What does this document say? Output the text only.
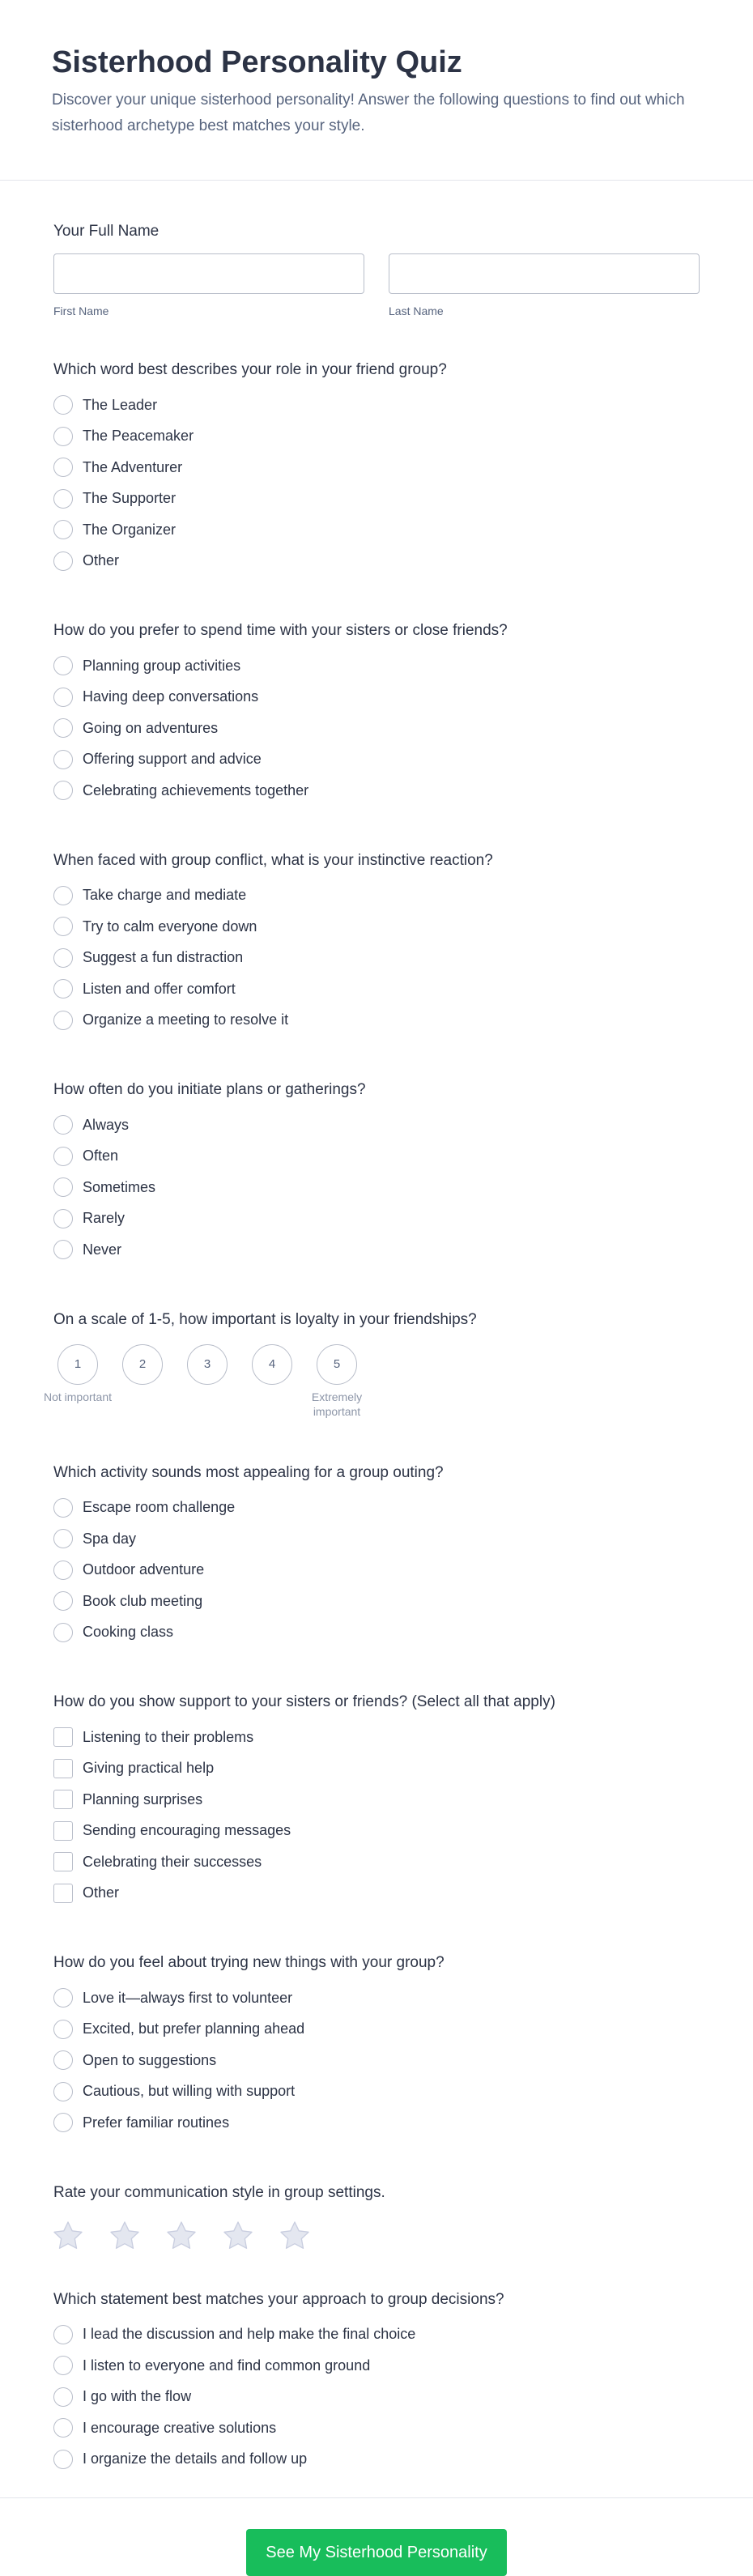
Sisterhood Personality Quiz

Discover your unique sisterhood personality! Answer the following questions to find out which sisterhood archetype best matches your style.

Your Full Name
First Name	Last Name
Which word best describes your role in your friend group?
The Leader
The Peacemaker
The Adventurer
The Supporter
The Organizer
Other
How do you prefer to spend time with your sisters or close friends?
Planning group activities
Having deep conversations
Going on adventures
Offering support and advice
Celebrating achievements together
When faced with group conflict, what is your instinctive reaction?
Take charge and mediate
Try to calm everyone down
Suggest a fun distraction
Listen and offer comfort
Organize a meeting to resolve it
How often do you initiate plans or gatherings?
Always
Often
Sometimes
Rarely
Never
On a scale of 1-5, how important is loyalty in your friendships?
1
Not important
2	3	4	5
Extremely important
Which activity sounds most appealing for a group outing?
Escape room challenge
Spa day
Outdoor adventure
Book club meeting
Cooking class
How do you show support to your sisters or friends? (Select all that apply)
Listening to their problems
Giving practical help
Planning surprises
Sending encouraging messages
Celebrating their successes
Other
How do you feel about trying new things with your group?
Love it—always first to volunteer
Excited, but prefer planning ahead
Open to suggestions
Cautious, but willing with support
Prefer familiar routines
Rate your communication style in group settings.
Which statement best matches your approach to group decisions?
I lead the discussion and help make the final choice
I listen to everyone and find common ground
I go with the flow
I encourage creative solutions
I organize the details and follow up
See My Sisterhood Personality
